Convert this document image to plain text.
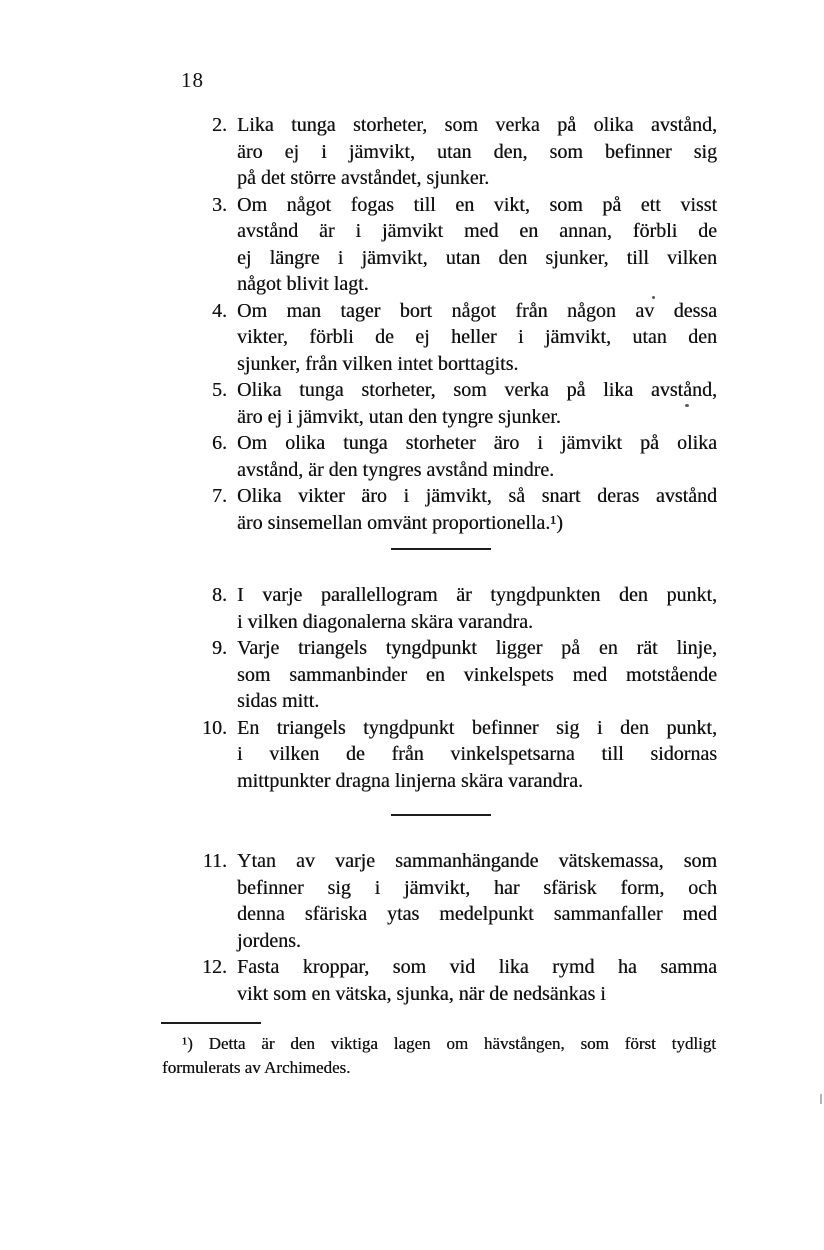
18
2. Lika tunga storheter, som verka på olika avstånd,
äro ej i jämvikt, utan den, som befinner sig
på det större avståndet, sjunker.
3. Om något fogas till en vikt, som på ett visst
avstånd är i jämvikt med en annan, förbli de
ej längre i jämvikt, utan den sjunker, till vilken
något blivit lagt.
4. Om man tager bort något från någon av dessa
vikter, förbli de ej heller i jämvikt, utan den
sjunker, från vilken intet borttagits.
5. Olika tunga storheter, som verka på lika avstånd,
äro ej i jämvikt, utan den tyngre sjunker.
6. Om olika tunga storheter äro i jämvikt på olika
avstånd, är den tyngres avstånd mindre.
7. Olika vikter äro i jämvikt, så snart deras avstånd
äro sinsemellan omvänt proportionella.¹)
8. I varje parallellogram är tyngdpunkten den punkt,
i vilken diagonalerna skära varandra.
9. Varje triangels tyngdpunkt ligger på en rät linje,
som sammanbinder en vinkelspets med motstående
sidas mitt.
10. En triangels tyngdpunkt befinner sig i den punkt,
i vilken de från vinkelspetsarna till sidornas
mittpunkter dragna linjerna skära varandra.
11. Ytan av varje sammanhängande vätskemassa, som
befinner sig i jämvikt, har sfärisk form, och
denna sfäriska ytas medelpunkt sammanfaller med
jordens.
12. Fasta kroppar, som vid lika rymd ha samma
vikt som en vätska, sjunka, när de nedsänkas i
¹) Detta är den viktiga lagen om hävstången, som först tydligt
formulerats av Archimedes.
